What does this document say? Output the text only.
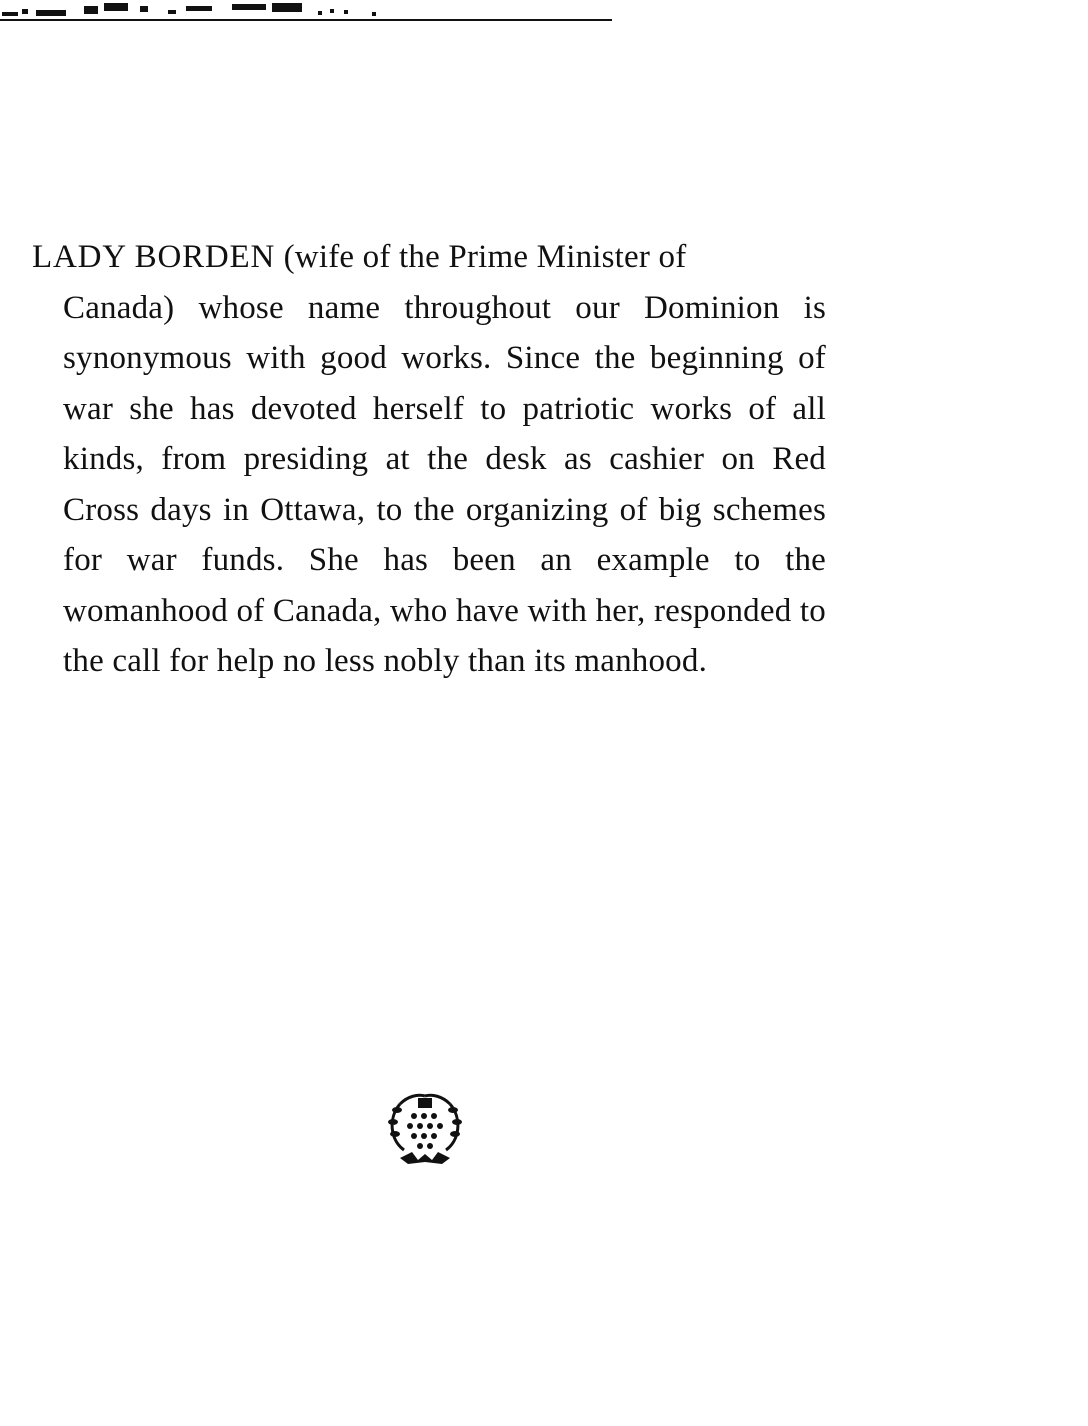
LADY BORDEN (wife of the Prime Minister of
Canada) whose name throughout our Dominion is synonymous with good works. Since the beginning of war she has devoted herself to patriotic works of all kinds, from presiding at the desk as cashier on Red Cross days in Ottawa, to the organizing of big schemes for war funds. She has been an example to the womanhood of Canada, who have with her, responded to the call for help no less nobly than its manhood.
